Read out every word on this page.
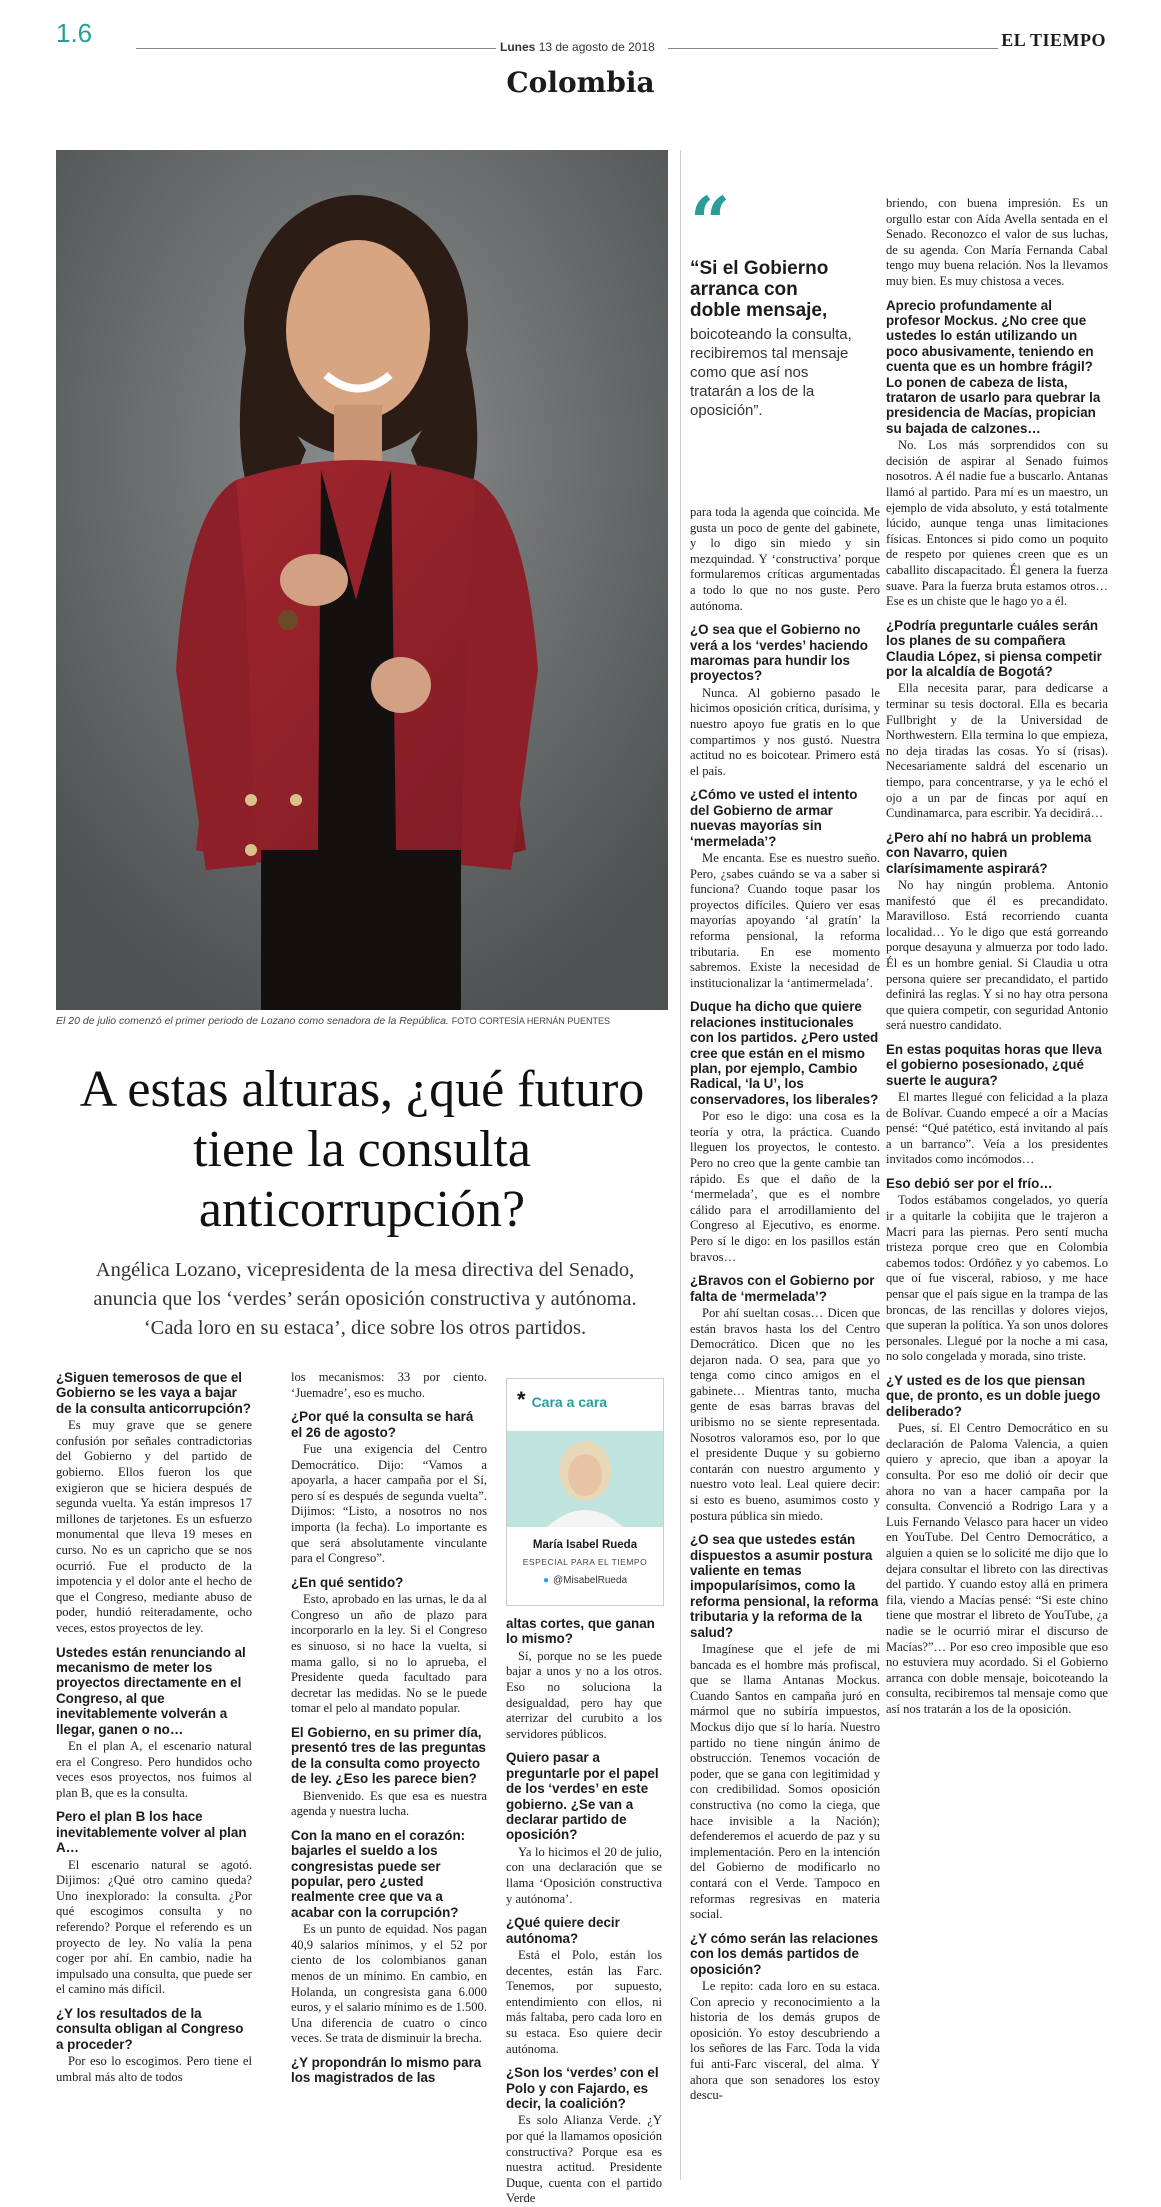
1.6	Lunes 13 de agosto de 2018	EL TIEMPO
Colombia
El 20 de julio comenzó el primer periodo de Lozano como senadora de la República. FOTO CORTESÍA HERNÁN PUENTES
A estas alturas, ¿qué futuro tiene la consulta anticorrupción?
Angélica Lozano, vicepresidenta de la mesa directiva del Senado, anuncia que los ‘verdes’ serán oposición constructiva y autónoma. ‘Cada loro en su estaca’, dice sobre los otros partidos.
“
“Si el Gobierno arranca con doble mensaje,
boicoteando la consulta, recibiremos tal mensaje como que así nos tratarán a los de la oposición”.
* Cara a cara
María Isabel Rueda
ESPECIAL PARA EL TIEMPO
● @MisabelRueda
¿Siguen temerosos de que el Gobierno se les vaya a bajar de la consulta anticorrupción?

Es muy grave que se genere confusión por señales contradictorias del Gobierno y del partido de gobierno. Ellos fueron los que exigieron que se hiciera después de segunda vuelta. Ya están impresos 17 millones de tarjetones. Es un esfuerzo monumental que lleva 19 meses en curso. No es un capricho que se nos ocurrió. Fue el producto de la impotencia y el dolor ante el hecho de que el Congreso, mediante abuso de poder, hundió reiteradamente, ocho veces, estos proyectos de ley.

Ustedes están renunciando al mecanismo de meter los proyectos directamente en el Congreso, al que inevitablemente volverán a llegar, ganen o no…

En el plan A, el escenario natural era el Congreso. Pero hundidos ocho veces esos proyectos, nos fuimos al plan B, que es la consulta.

Pero el plan B los hace inevitablemente volver al plan A…

El escenario natural se agotó. Dijimos: ¿Qué otro camino queda? Uno inexplorado: la consulta. ¿Por qué escogimos consulta y no referendo? Porque el referendo es un proyecto de ley. No valía la pena coger por ahí. En cambio, nadie ha impulsado una consulta, que puede ser el camino más difícil.

¿Y los resultados de la consulta obligan al Congreso a proceder?

Por eso lo escogimos. Pero tiene el umbral más alto de todos

los mecanismos: 33 por ciento. ‘Juemadre’, eso es mucho.

¿Por qué la consulta se hará el 26 de agosto?

Fue una exigencia del Centro Democrático. Dijo: “Vamos a apoyarla, a hacer campaña por el Sí, pero sí es después de segunda vuelta”. Dijimos: “Listo, a nosotros no nos importa (la fecha). Lo importante es que será absolutamente vinculante para el Congreso”.

¿En qué sentido?

Esto, aprobado en las urnas, le da al Congreso un año de plazo para incorporarlo en la ley. Si el Congreso es sinuoso, si no hace la vuelta, si mama gallo, si no lo aprueba, el Presidente queda facultado para decretar las medidas. No se le puede tomar el pelo al mandato popular.

El Gobierno, en su primer día, presentó tres de las preguntas de la consulta como proyecto de ley. ¿Eso les parece bien?

Bienvenido. Es que esa es nuestra agenda y nuestra lucha.

Con la mano en el corazón: bajarles el sueldo a los congresistas puede ser popular, pero ¿usted realmente cree que va a acabar con la corrupción?

Es un punto de equidad. Nos pagan 40,9 salarios mínimos, y el 52 por ciento de los colombianos ganan menos de un mínimo. En cambio, en Holanda, un congresista gana 6.000 euros, y el salario mínimo es de 1.500. Una diferencia de cuatro o cinco veces. Se trata de disminuir la brecha.

¿Y propondrán lo mismo para los magistrados de las
altas cortes, que ganan lo mismo?

Sí, porque no se les puede bajar a unos y no a los otros. Eso no soluciona la desigualdad, pero hay que aterrizar del curubito a los servidores públicos.

Quiero pasar a preguntarle por el papel de los ‘verdes’ en este gobierno. ¿Se van a declarar partido de oposición?

Ya lo hicimos el 20 de julio, con una declaración que se llama ‘Oposición constructiva y autónoma’.

¿Qué quiere decir autónoma?

Está el Polo, están los decentes, están las Farc. Tenemos, por supuesto, entendimiento con ellos, ni más faltaba, pero cada loro en su estaca. Eso quiere decir autónoma.

¿Son los ‘verdes’ con el Polo y con Fajardo, es decir, la coalición?

Es solo Alianza Verde. ¿Y por qué la llamamos oposición constructiva? Porque esa es nuestra actitud. Presidente Duque, cuenta con el partido Verde

para toda la agenda que coincida. Me gusta un poco de gente del gabinete, y lo digo sin miedo y sin mezquindad. Y ‘constructiva’ porque formularemos críticas argumentadas a todo lo que no nos guste. Pero autónoma.

¿O sea que el Gobierno no verá a los ‘verdes’ haciendo maromas para hundir los proyectos?

Nunca. Al gobierno pasado le hicimos oposición crítica, durísima, y nuestro apoyo fue gratis en lo que compartimos y nos gustó. Nuestra actitud no es boicotear. Primero está el país.

¿Cómo ve usted el intento del Gobierno de armar nuevas mayorías sin ‘mermelada’?

Me encanta. Ese es nuestro sueño. Pero, ¿sabes cuándo se va a saber si funciona? Cuando toque pasar los proyectos difíciles. Quiero ver esas mayorías apoyando ‘al gratín’ la reforma pensional, la reforma tributaria. En ese momento sabremos. Existe la necesidad de institucionalizar la ‘antimermelada’.

Duque ha dicho que quiere relaciones institucionales con los partidos. ¿Pero usted cree que están en el mismo plan, por ejemplo, Cambio Radical, ‘la U’, los conservadores, los liberales?

Por eso le digo: una cosa es la teoría y otra, la práctica. Cuando lleguen los proyectos, le contesto. Pero no creo que la gente cambie tan rápido. Es que el daño de la ‘mermelada’, que es el nombre cálido para el arrodillamiento del Congreso al Ejecutivo, es enorme. Pero sí le digo: en los pasillos están bravos…

¿Bravos con el Gobierno por falta de ‘mermelada’?

Por ahí sueltan cosas… Dicen que están bravos hasta los del Centro Democrático. Dicen que no les dejaron nada. O sea, para que yo tenga como cinco amigos en el gabinete… Mientras tanto, mucha gente de esas barras bravas del uribismo no se siente representada. Nosotros valoramos eso, por lo que el presidente Duque y su gobierno contarán con nuestro argumento y nuestro voto leal. Leal quiere decir: si esto es bueno, asumimos costo y postura pública sin miedo.

¿O sea que ustedes están dispuestos a asumir postura valiente en temas impopularísimos, como la reforma pensional, la reforma tributaria y la reforma de la salud?

Imagínese que el jefe de mi bancada es el hombre más profiscal, que se llama Antanas Mockus. Cuando Santos en campaña juró en mármol que no subiría impuestos, Mockus dijo que sí lo haría. Nuestro partido no tiene ningún ánimo de obstrucción. Tenemos vocación de poder, que se gana con legitimidad y con credibilidad. Somos oposición constructiva (no como la ciega, que hace invisible a la Nación); defenderemos el acuerdo de paz y su implementación. Pero en la intención del Gobierno de modificarlo no contará con el Verde. Tampoco en reformas regresivas en materia social.

¿Y cómo serán las relaciones con los demás partidos de oposición?

Le repito: cada loro en su estaca. Con aprecio y reconocimiento a la historia de los demás grupos de oposición. Yo estoy descubriendo a los señores de las Farc. Toda la vida fui anti-Farc visceral, del alma. Y ahora que son senadores los estoy descu-

briendo, con buena impresión. Es un orgullo estar con Aída Avella sentada en el Senado. Reconozco el valor de sus luchas, de su agenda. Con María Fernanda Cabal tengo muy buena relación. Nos la llevamos muy bien. Es muy chistosa a veces.

Aprecio profundamente al profesor Mockus. ¿No cree que ustedes lo están utilizando un poco abusivamente, teniendo en cuenta que es un hombre frágil? Lo ponen de cabeza de lista, trataron de usarlo para quebrar la presidencia de Macías, propician su bajada de calzones…

No. Los más sorprendidos con su decisión de aspirar al Senado fuimos nosotros. A él nadie fue a buscarlo. Antanas llamó al partido. Para mí es un maestro, un ejemplo de vida absoluto, y está totalmente lúcido, aunque tenga unas limitaciones físicas. Entonces si pido como un poquito de respeto por quienes creen que es un caballito discapacitado. Él genera la fuerza suave. Para la fuerza bruta estamos otros… Ese es un chiste que le hago yo a él.

¿Podría preguntarle cuáles serán los planes de su compañera Claudia López, si piensa competir por la alcaldía de Bogotá?

Ella necesita parar, para dedicarse a terminar su tesis doctoral. Ella es becaria Fullbright y de la Universidad de Northwestern. Ella termina lo que empieza, no deja tiradas las cosas. Yo sí (risas). Necesariamente saldrá del escenario un tiempo, para concentrarse, y ya le echó el ojo a un par de fincas por aquí en Cundinamarca, para escribir. Ya decidirá…

¿Pero ahí no habrá un problema con Navarro, quien clarísimamente aspirará?

No hay ningún problema. Antonio manifestó que él es precandidato. Maravilloso. Está recorriendo cuanta localidad… Yo le digo que está gorreando porque desayuna y almuerza por todo lado. Él es un hombre genial. Si Claudia u otra persona quiere ser precandidato, el partido definirá las reglas. Y si no hay otra persona que quiera competir, con seguridad Antonio será nuestro candidato.

En estas poquitas horas que lleva el gobierno posesionado, ¿qué suerte le augura?

El martes llegué con felicidad a la plaza de Bolívar. Cuando empecé a oír a Macías pensé: “Qué patético, está invitando al país a un barranco”. Veía a los presidentes invitados como incómodos…

Eso debió ser por el frío…

Todos estábamos congelados, yo quería ir a quitarle la cobijita que le trajeron a Macri para las piernas. Pero sentí mucha tristeza porque creo que en Colombia cabemos todos: Ordóñez y yo cabemos. Lo que oí fue visceral, rabioso, y me hace pensar que el país sigue en la trampa de las broncas, de las rencillas y dolores viejos, que superan la política. Ya son unos dolores personales. Llegué por la noche a mi casa, no solo congelada y morada, sino triste.

¿Y usted es de los que piensan que, de pronto, es un doble juego deliberado?

Pues, sí. El Centro Democrático en su declaración de Paloma Valencia, a quien quiero y aprecio, que iban a apoyar la consulta. Por eso me dolió oír decir que ahora no van a hacer campaña por la consulta. Convenció a Rodrigo Lara y a Luis Fernando Velasco para hacer un video en YouTube. Del Centro Democrático, a alguien a quien se lo solicité me dijo que lo dejara consultar el libreto con las directivas del partido. Y cuando estoy allá en primera fila, viendo a Macías pensé: “Si este chino tiene que mostrar el libreto de YouTube, ¿a nadie se le ocurrió mirar el discurso de Macías?”… Por eso creo imposible que eso no estuviera muy acordado. Si el Gobierno arranca con doble mensaje, boicoteando la consulta, recibiremos tal mensaje como que así nos tratarán a los de la oposición.
